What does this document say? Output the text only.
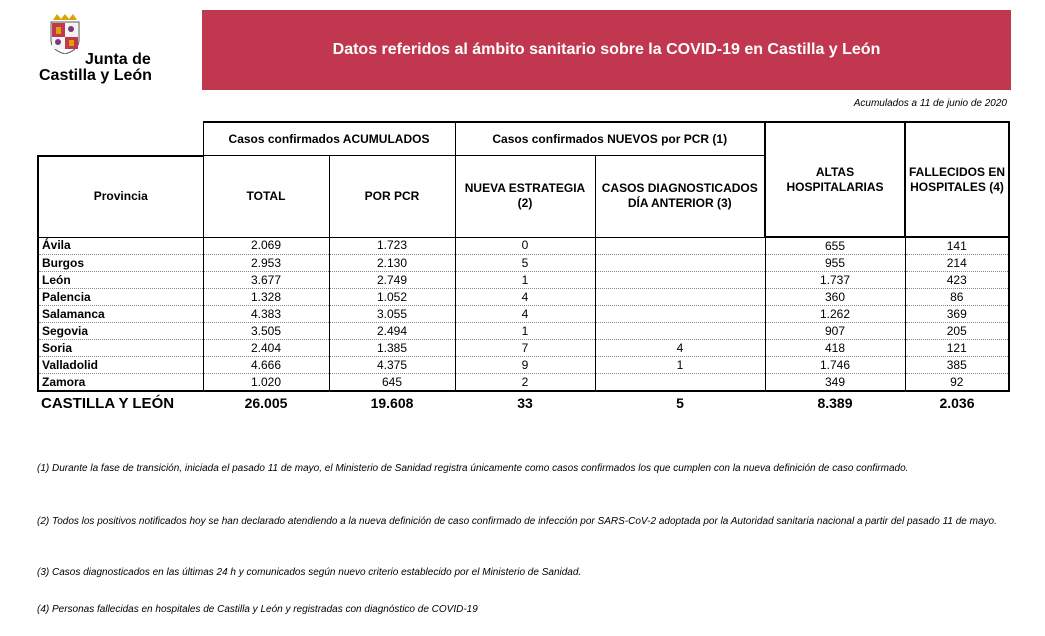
Junta de
Castilla y León
Datos referidos al ámbito sanitario sobre la COVID-19 en Castilla y León
Acumulados a 11 de junio de 2020
	Casos confirmados ACUMULADOS		Casos confirmados NUEVOS por PCR (1)		ALTAS HOSPITALARIAS	FALLECIDOS EN HOSPITALES (4)
Provincia	TOTAL	POR PCR	NUEVA ESTRATEGIA (2)	CASOS DIAGNOSTICADOS DÍA ANTERIOR (3)		
Ávila	2.069	1.723	0		655	141
Burgos	2.953	2.130	5		955	214
León	3.677	2.749	1		1.737	423
Palencia	1.328	1.052	4		360	86
Salamanca	4.383	3.055	4		1.262	369
Segovia	3.505	2.494	1		907	205
Soria	2.404	1.385	7	4	418	121
Valladolid	4.666	4.375	9	1	1.746	385
Zamora	1.020	645	2		349	92
CASTILLA Y LEÓN	26.005	19.608	33	5	8.389	2.036

(1) Durante la fase de transición, iniciada el pasado 11 de mayo, el Ministerio de Sanidad registra únicamente como casos confirmados los que cumplen con la nueva definición de caso confirmado.

(2) Todos los positivos notificados hoy se han declarado atendiendo a la nueva definición de caso confirmado de infección por SARS-CoV-2 adoptada por la Autoridad sanitaria nacional a partir del pasado 11 de mayo.

(3) Casos diagnosticados en las últimas 24 h y comunicados según nuevo criterio establecido por el Ministerio de Sanidad.

(4) Personas fallecidas en hospitales de Castilla y León y registradas con diagnóstico de COVID-19
